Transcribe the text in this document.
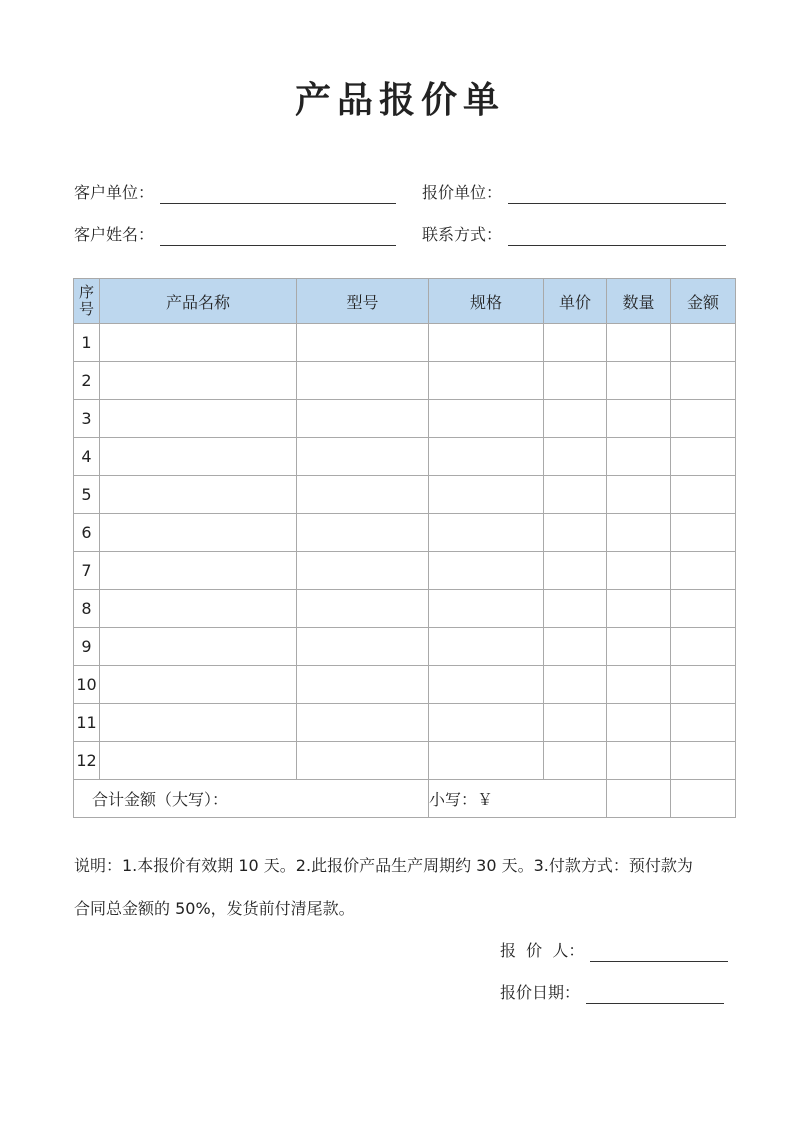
产品报价单
客户单位：	报价单位：
客户姓名：	联系方式：
序号	产品名称	型号	规格	单价	数量	金额
1						
2						
3						
4						
5						
6						
7						
8						
9						
10						
11						
12						
合计金额（大写）：			小写：￥			
说明：1.本报价有效期 10 天。2.此报价产品生产周期约 30 天。3.付款方式：预付款为
合同总金额的 50%，发货前付清尾款。
报  价  人：
报价日期：
